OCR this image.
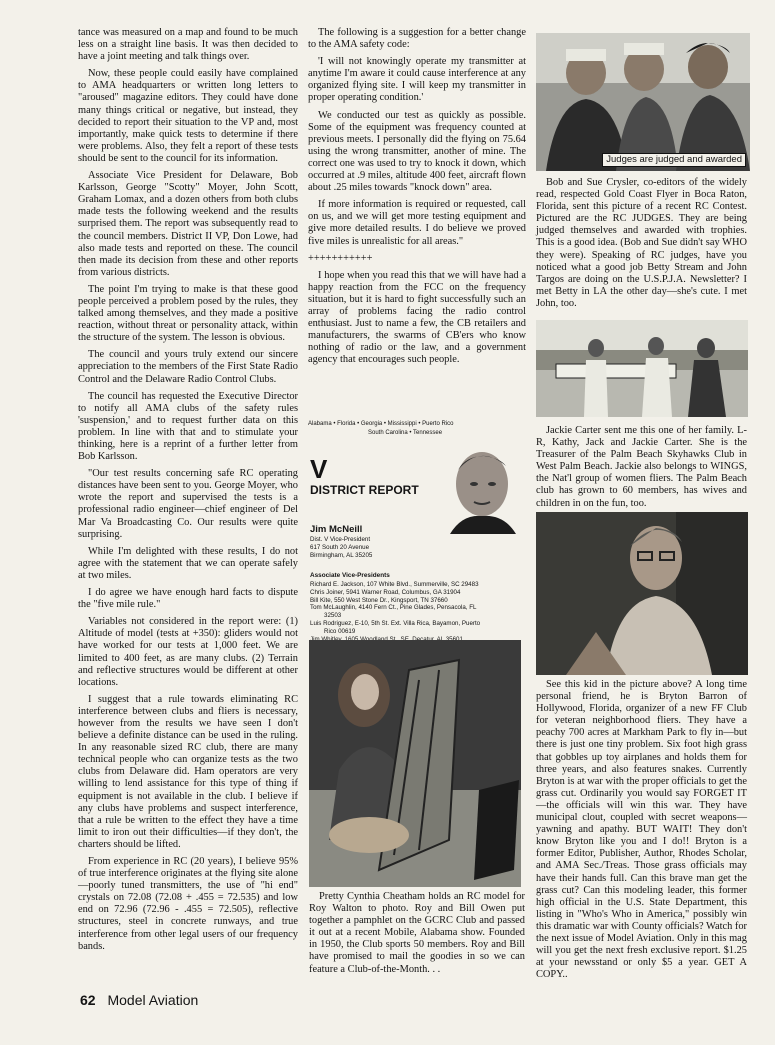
tance was measured on a map and found to be much less on a straight line basis. It was then decided to have a joint meeting and talk things over.

Now, these people could easily have complained to AMA headquarters or written long letters to "aroused" magazine editors. They could have done many things critical or negative, but instead, they decided to report their situation to the VP and, most importantly, make quick tests to determine if there were problems. Also, they felt a report of these tests should be sent to the council for its information.

Associate Vice President for Delaware, Bob Karlsson, George "Scotty" Moyer, John Scott, Graham Lomax, and a dozen others from both clubs made tests the following weekend and the results surprised them. The report was subsequently read to the council members. District II VP, Don Lowe, had also made tests and reported on these. The council then made its decision from these and other reports from various districts.

The point I'm trying to make is that these good people perceived a problem posed by the rules, they talked among themselves, and they made a positive reaction, without threat or personality attack, within the structure of the system. The lesson is obvious.

The council and yours truly extend our sincere appreciation to the members of the First State Radio Control and the Delaware Radio Control Clubs.

The council has requested the Executive Director to notify all AMA clubs of the safety rules 'suspension,' and to request further data on this problem. In line with that and to stimulate your thinking, here is a reprint of a further letter from Bob Karlsson.

"Our test results concerning safe RC operating distances have been sent to you. George Moyer, who wrote the report and supervised the tests is a professional radio engineer—chief engineer of Del Mar Va Broadcasting Co. Our results were quite surprising.

While I'm delighted with these results, I do not agree with the statement that we can operate safely at two miles.

I do agree we have enough hard facts to dispute the "five mile rule."

Variables not considered in the report were: (1) Altitude of model (tests at +350): gliders would not have worked for our tests at 1,000 feet. We are limited to 400 feet, as are many clubs. (2) Terrain and reflective structures would be different at other locations.

I suggest that a rule towards eliminating RC interference between clubs and fliers is necessary, however from the results we have seen I don't believe a definite distance can be used in the ruling. In any reasonable sized RC club, there are many technical people who can organize tests as the two clubs from Delaware did. Ham operators are very willing to lend assistance for this type of thing if equipment is not available in the club. I believe if any clubs have problems and suspect interference, that a rule be written to the effect they have a time limit to iron out their difficulties—if they don't, the charters should be lifted.

From experience in RC (20 years), I believe 95% of true interference originates at the flying site alone—poorly tuned transmitters, the use of "hi end" crystals on 72.08 (72.08 + .455 = 72.535) and low end on 72.96 (72.96 - .455 = 72.505), reflective structures, steel in concrete runways, and true interference from other legal users of our frequency bands.

The following is a suggestion for a better change to the AMA safety code:

'I will not knowingly operate my transmitter at anytime I'm aware it could cause interference at any organized flying site. I will keep my transmitter in proper operating condition.'

We conducted our test as quickly as possible. Some of the equipment was frequency counted at previous meets. I personally did the flying on 75.64 using the wrong transmitter, another of mine. The correct one was used to try to knock it down, which occurred at .9 miles, altitude 400 feet, aircraft flown about .25 miles towards "knock down" area.

If more information is required or requested, call on us, and we will get more testing equipment and give more detailed results. I do believe we proved five miles is unrealistic for all areas."

+++++++++++

I hope when you read this that we will have had a happy reaction from the FCC on the frequency situation, but it is hard to fight successfully such an array of problems facing the radio control enthusiast. Just to name a few, the CB retailers and manufacturers, the swarms of CB'ers who know nothing of radio or the law, and a government agency that encourages such people.

Alabama • Florida • Georgia • Mississippi • Puerto Rico
South Carolina • Tennessee
V
DISTRICT REPORT
Jim McNeill
Dist. V Vice-President
617 South 20 Avenue
Birmingham, AL 35205
Associate Vice-Presidents
Richard E. Jackson, 107 White Blvd., Summerville, SC 29483
Chris Joiner, 5941 Warner Road, Columbus, GA 31904
Bill Kite, 550 West Stone Dr., Kingsport, TN 37660
Tom McLaughlin, 4140 Fern Ct., Pine Glades, Pensacola, FL
32503
Luis Rodriguez, E-10, 5th St. Ext. Villa Rica, Bayamon, Puerto
Rico 00619

Pretty Cynthia Cheatham holds an RC model for Roy Walton to photo. Roy and Bill Owen put together a pamphlet on the GCRC Club and passed it out at a recent Mobile, Alabama show. Founded in 1950, the Club sports 50 members. Roy and Bill have promised to mail the goodies in so we can feature a Club-of-the-Month. . .

Judges are judged and awarded

Bob and Sue Crysler, co-editors of the widely read, respected Gold Coast Flyer in Boca Raton, Florida, sent this picture of a recent RC Contest. Pictured are the RC JUDGES. They are being judged themselves and awarded with trophies. This is a good idea. (Bob and Sue didn't say WHO they were). Speaking of RC judges, have you noticed what a good job Betty Stream and John Targos are doing on the U.S.P.J.A. Newsletter? I met Betty in LA the other day—she's cute. I met John, too.

Jackie Carter sent me this one of her family. L-R, Kathy, Jack and Jackie Carter. She is the Treasurer of the Palm Beach Skyhawks Club in West Palm Beach. Jackie also belongs to WINGS, the Nat'l group of women fliers. The Palm Beach club has grown to 60 members, has wives and children in on the fun, too.

See this kid in the picture above? A long time personal friend, he is Bryton Barron of Hollywood, Florida, organizer of a new FF Club for veteran neighborhood fliers. They have a peachy 700 acres at Markham Park to fly in—but there is just one tiny problem. Six foot high grass that gobbles up toy airplanes and holds them for three years, and also features snakes. Currently Bryton is at war with the proper officials to get the grass cut. Ordinarily you would say FORGET IT—the officials will win this war. They have municipal clout, coupled with secret weapons—yawning and apathy. BUT WAIT! They don't know Bryton like you and I do!! Bryton is a former Editor, Publisher, Author, Rhodes Scholar, and AMA Sec./Treas. Those grass officials may have their hands full. Can this brave man get the grass cut? Can this modeling leader, this former high official in the U.S. State Department, this listing in "Who's Who in America," possibly win this dramatic war with County officials? Watch for the next issue of Model Aviation. Only in this mag will you get the next fresh exclusive report. $1.25 at your newsstand or only $5 a year. GET A COPY..

62 Model Aviation
